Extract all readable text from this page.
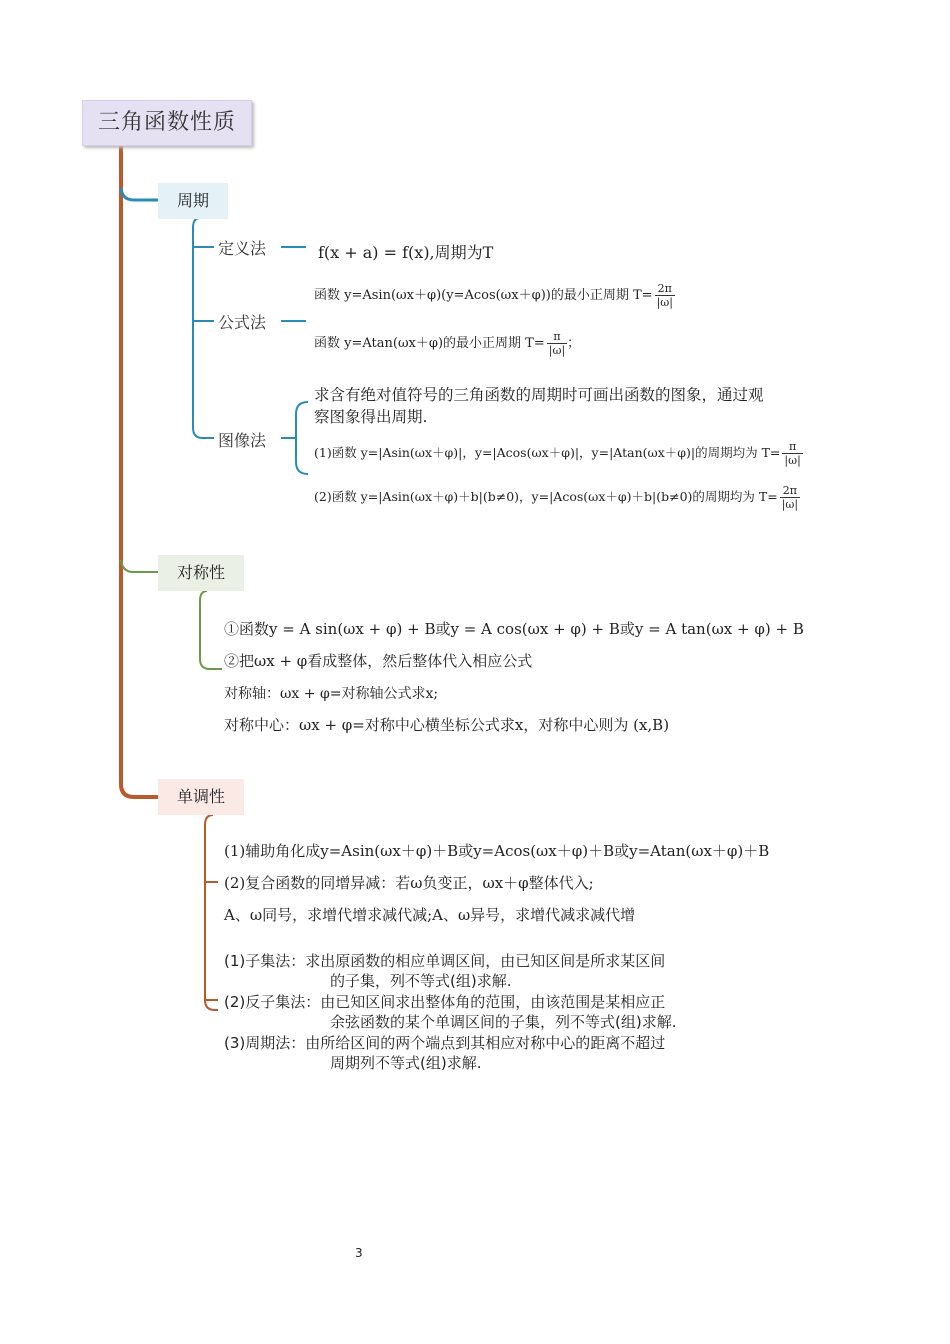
三角函数性质
周期
定义法	f(x + a) = f(x),周期为T
公式法
函数 y=Asin(ωx＋φ)(y=Acos(ωx＋φ))的最小正周期 $T= \frac{2\pi}{|\omega|}$
函数 y=Atan(ωx＋φ)的最小正周期 $T= \frac{\pi}{|\omega|}$ ；
图像法
求含有绝对值符号的三角函数的周期时可画出函数的图象，通过观
察图象得出周期.
(1)函数 y=|Asin(ωx＋φ)|，y=|Acos(ωx＋φ)|，y=|Atan(ωx＋φ)|的周期均为 $T= \frac{\pi}{|\omega|}$
(2)函数 y=|Asin(ωx＋φ)＋b|(b≠0)，y=|Acos(ωx＋φ)＋b|(b≠0)的周期均为 $T= \frac{2\pi}{|\omega|}$
对称性
①函数y = A sin(ωx + φ) + B或y = A cos(ωx + φ) + B或y = A tan(ωx + φ) + B
②把ωx + φ看成整体，然后整体代入相应公式
对称轴：ωx + φ=对称轴公式求x;
对称中心：ωx + φ=对称中心横坐标公式求x，对称中心则为 (x,B)
单调性
(1)辅助角化成y=Asin(ωx＋φ)＋B或y=Acos(ωx＋φ)＋B或y=Atan(ωx＋φ)＋B
(2)复合函数的同增异减：若ω负变正，ωx＋φ整体代入;
A、ω同号，求增代增求减代减;A、ω异号，求增代减求减代增
(1)子集法：求出原函数的相应单调区间，由已知区间是所求某区间
的子集，列不等式(组)求解.
(2)反子集法：由已知区间求出整体角的范围，由该范围是某相应正
余弦函数的某个单调区间的子集，列不等式(组)求解.
(3)周期法：由所给区间的两个端点到其相应对称中心的距离不超过
周期列不等式(组)求解.
3
